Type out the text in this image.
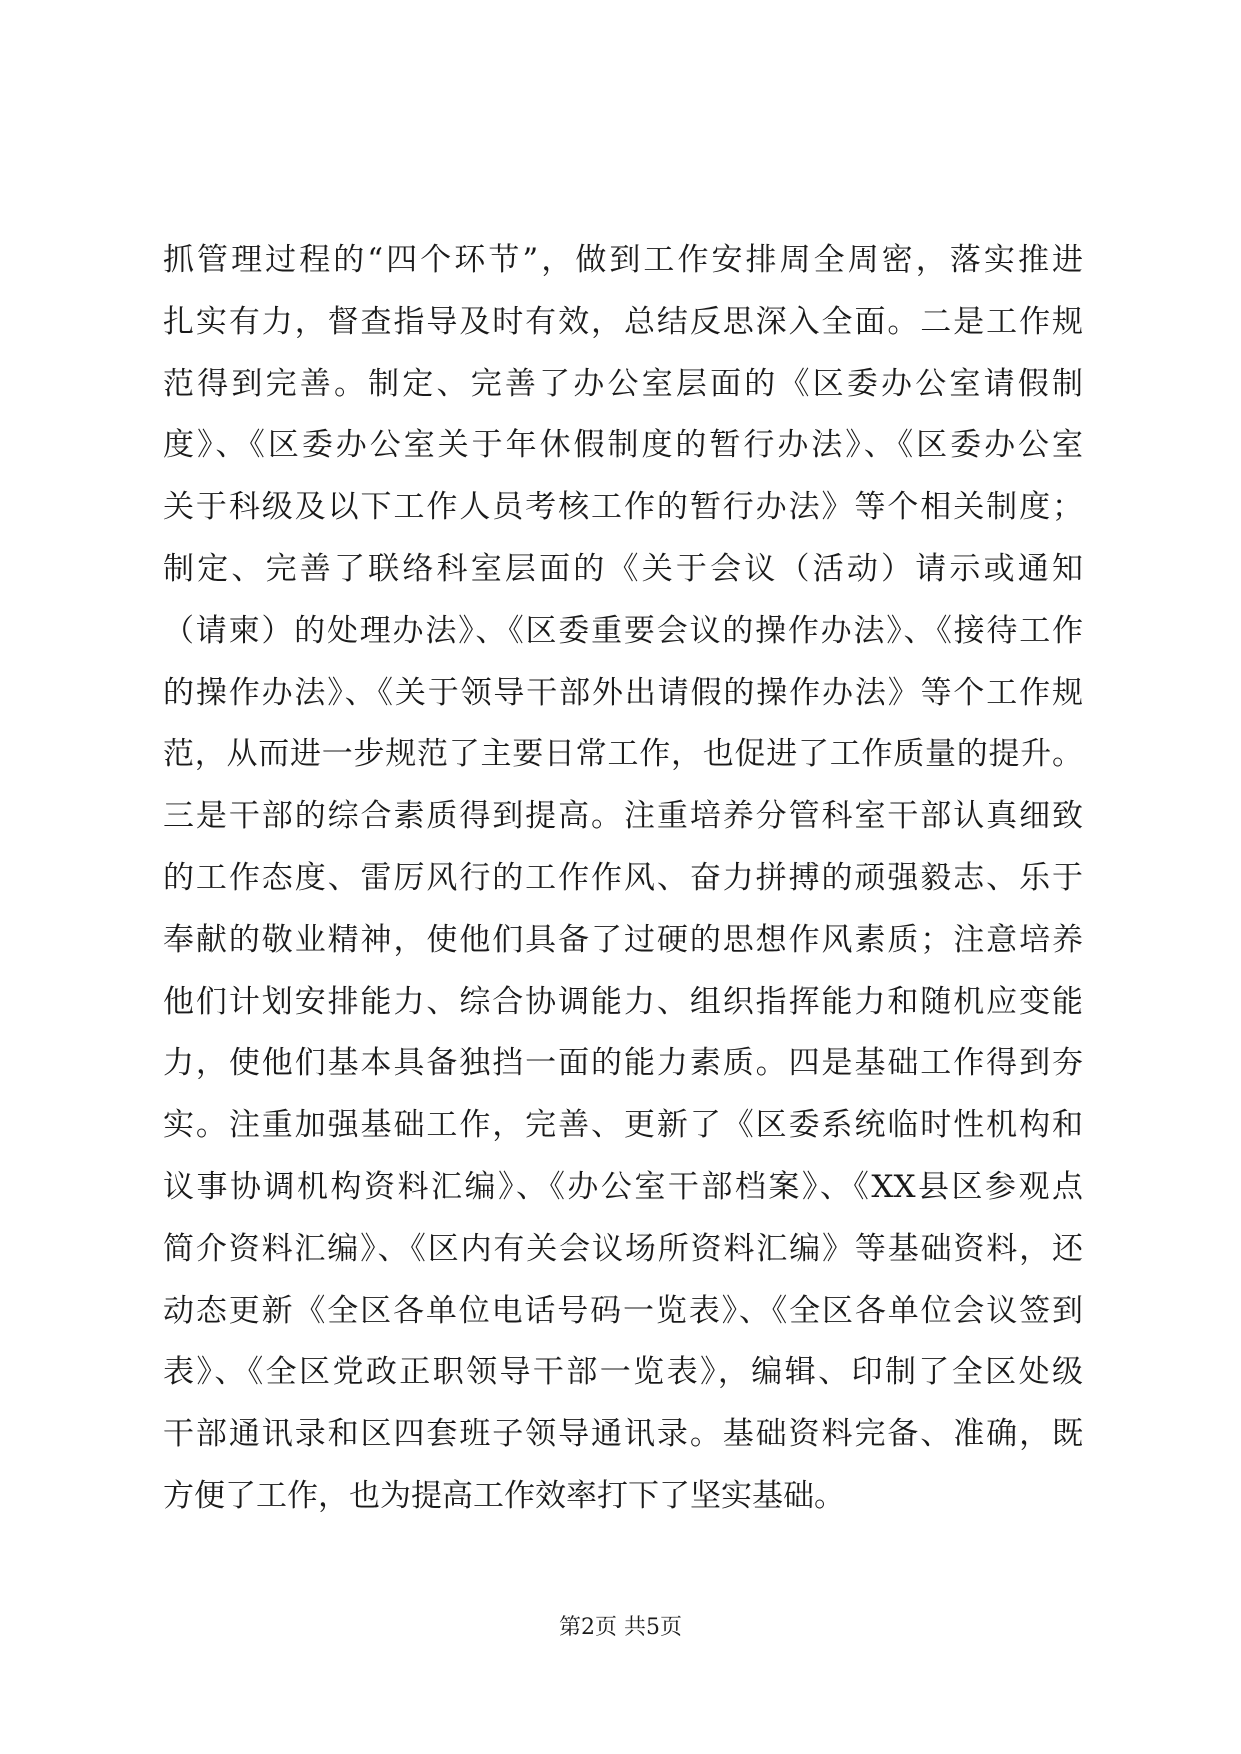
抓管理过程的“四个环节”，做到工作安排周全周密，落实推进
扎实有力，督查指导及时有效，总结反思深入全面。二是工作规
范得到完善。制定、完善了办公室层面的《区委办公室请假制
度》、《区委办公室关于年休假制度的暂行办法》、《区委办公室
关于科级及以下工作人员考核工作的暂行办法》等个相关制度；
制定、完善了联络科室层面的《关于会议（活动）请示或通知
（请柬）的处理办法》、《区委重要会议的操作办法》、《接待工作
的操作办法》、《关于领导干部外出请假的操作办法》等个工作规
范，从而进一步规范了主要日常工作，也促进了工作质量的提升。
三是干部的综合素质得到提高。注重培养分管科室干部认真细致
的工作态度、雷厉风行的工作作风、奋力拼搏的顽强毅志、乐于
奉献的敬业精神，使他们具备了过硬的思想作风素质；注意培养
他们计划安排能力、综合协调能力、组织指挥能力和随机应变能
力，使他们基本具备独挡一面的能力素质。四是基础工作得到夯
实。注重加强基础工作，完善、更新了《区委系统临时性机构和
议事协调机构资料汇编》、《办公室干部档案》、《XX县区参观点
简介资料汇编》、《区内有关会议场所资料汇编》等基础资料，还
动态更新《全区各单位电话号码一览表》、《全区各单位会议签到
表》、《全区党政正职领导干部一览表》，编辑、印制了全区处级
干部通讯录和区四套班子领导通讯录。基础资料完备、准确，既
方便了工作，也为提高工作效率打下了坚实基础。
第2页 共5页
